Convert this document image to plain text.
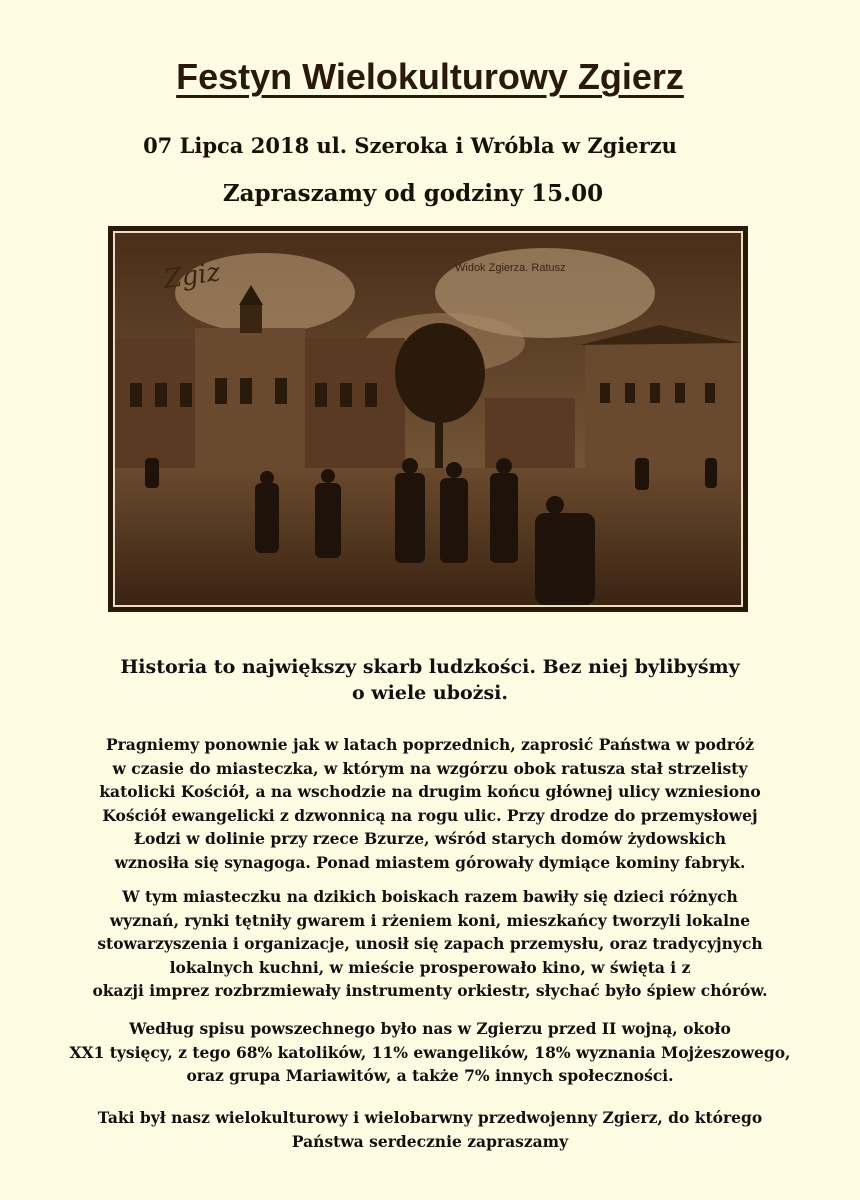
Festyn Wielokulturowy Zgierz
07 Lipca 2018 ul. Szeroka i Wróbla w Zgierzu
Zapraszamy od godziny 15.00
Widok Zgierza. Ratusz
Zgiz
Historia to największy skarb ludzkości. Bez niej bylibyśmy
o wiele ubożsi.
Pragniemy ponownie jak w latach poprzednich, zaprosić Państwa w podróż
w czasie do miasteczka, w którym na wzgórzu obok ratusza stał strzelisty
katolicki Kościół, a na wschodzie na drugim końcu głównej ulicy wzniesiono
Kościół ewangelicki z dzwonnicą na rogu ulic. Przy drodze do przemysłowej
Łodzi w dolinie przy rzece Bzurze, wśród starych domów żydowskich
wznosiła się synagoga. Ponad miastem górowały dymiące kominy fabryk.
W tym miasteczku na dzikich boiskach razem bawiły się dzieci różnych
wyznań, rynki tętniły gwarem i rżeniem koni, mieszkańcy tworzyli lokalne
stowarzyszenia i organizacje, unosił się zapach przemysłu, oraz tradycyjnych
lokalnych kuchni, w mieście prosperowało kino, w święta i z
okazji imprez rozbrzmiewały instrumenty orkiestr, słychać było śpiew chórów.
Według spisu powszechnego było nas w Zgierzu przed II wojną, około
XX1 tysięcy, z tego 68% katolików, 11% ewangelików, 18% wyznania Mojżeszowego,
oraz grupa Mariawitów, a także 7% innych społeczności.
Taki był nasz wielokulturowy i wielobarwny przedwojenny Zgierz, do którego
Państwa serdecznie zapraszamy
